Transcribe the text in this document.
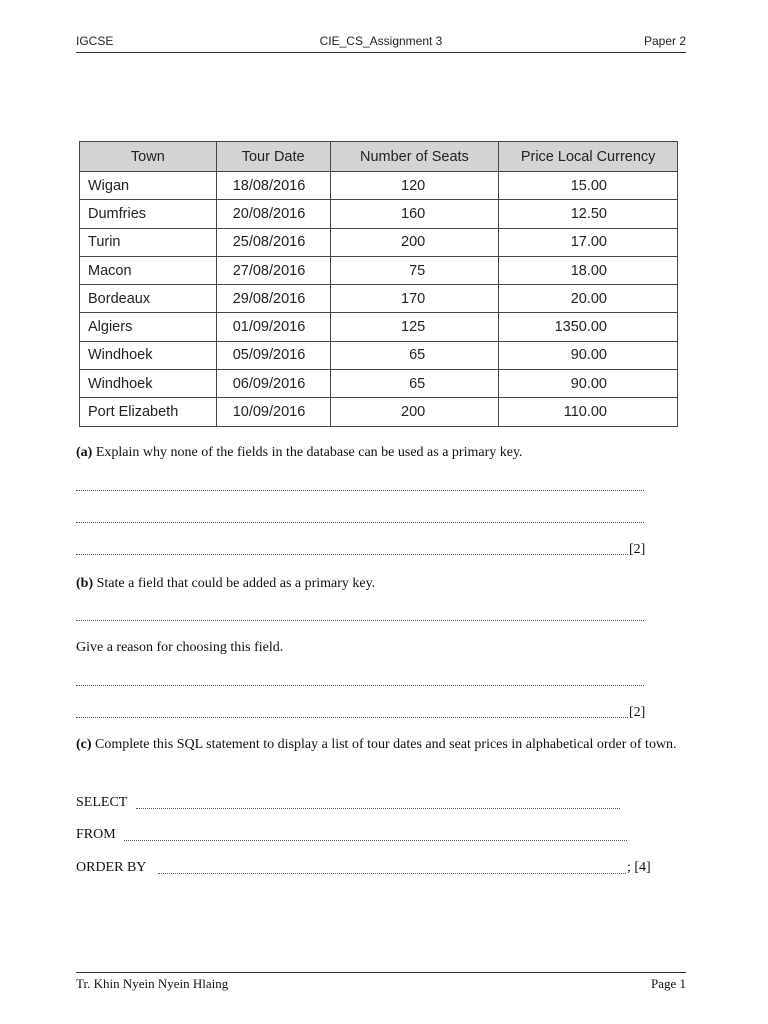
IGCSE	CIE_CS_Assignment 3	Paper 2
Town	Tour Date	Number of Seats	Price Local Currency
Wigan	18/08/2016	120	15.00
Dumfries	20/08/2016	160	12.50
Turin	25/08/2016	200	17.00
Macon	27/08/2016	75	18.00
Bordeaux	29/08/2016	170	20.00
Algiers	01/09/2016	125	1350.00
Windhoek	05/09/2016	65	90.00
Windhoek	06/09/2016	65	90.00
Port Elizabeth	10/09/2016	200	110.00
(a) Explain why none of the fields in the database can be used as a primary key.
[2]
(b) State a field that could be added as a primary key.
Give a reason for choosing this field.
[2]
(c) Complete this SQL statement to display a list of tour dates and seat prices in alphabetical order of town.
SELECT
FROM
ORDER BY	; [4]
Tr. Khin Nyein Nyein Hlaing	Page 1
